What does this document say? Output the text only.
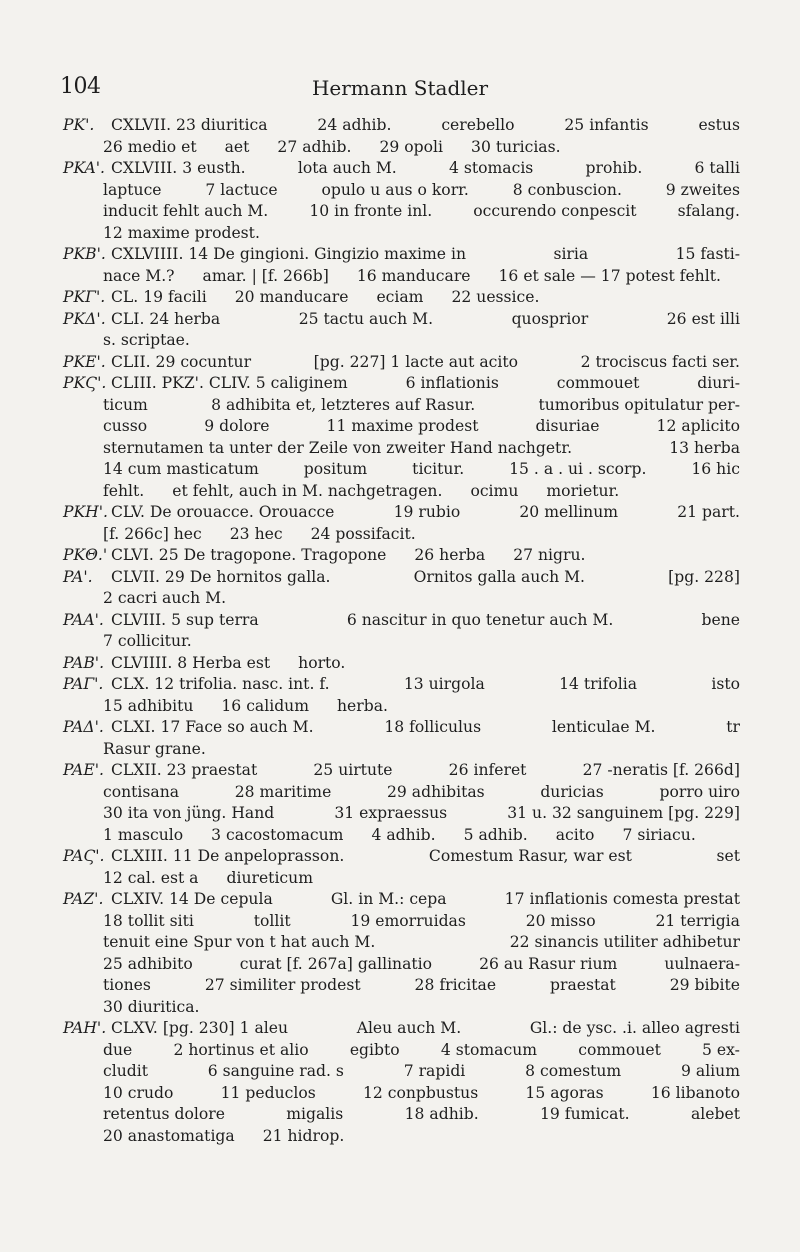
104	Hermann Stadler
PK'. CXLVII. 23 diuritica	24 adhib.	cerebello	25 infantis	estus
26 medio et aet 27 adhib. 29 opoli 30 turicias.
PKA'. CXLVIII. 3 eusth.	lota auch M.	4 stomacis	prohib.	6 talli
laptuce	7 lactuce	opulo u aus o korr.	8 conbuscion.	9 zweites
inducit fehlt auch M.	10 in fronte inl.	occurendo conpescit	sfalang.
12 maxime prodest.
PKB'. CXLVIIII. 14 De gingioni. Gingizio maxime in	siria	15 fasti-
nace M.? amar. | [f. 266b] 16 manducare 16 et sale — 17 potest fehlt.
PKΓ'. CL. 19 facili 20 manducare eciam 22 uessice.
PKΔ'. CLI. 24 herba	25 tactu auch M.	quosprior	26 est illi
s. scriptae.
PKE'. CLII. 29 cocuntur	[pg. 227] 1 lacte aut acito	2 trociscus facti ser.
PKϚ'. CLIII. PKZ'. CLIV. 5 caliginem	6 inflationis	commouet	diuri-
ticum	8 adhibita et, letzteres auf Rasur.	tumoribus opitulatur per-
cusso	9 dolore	11 maxime prodest	disuriae	12 aplicito
sternutamen ta unter der Zeile von zweiter Hand nachgetr.	13 herba
14 cum masticatum	positum	ticitur.	15 . a . ui . scorp.	16 hic
fehlt. et fehlt, auch in M. nachgetragen. ocimu morietur.
PKH'. CLV. De orouacce. Orouacce	19 rubio	20 mellinum	21 part.
[f. 266c] hec 23 hec 24 possifacit.
PKΘ.' CLVI. 25 De tragopone. Tragopone 26 herba 27 nigru.
PA'. CLVII. 29 De hornitos galla.	Ornitos galla auch M.	[pg. 228]
2 cacri auch M.
PAA'. CLVIII. 5 sup terra	6 nascitur in quo tenetur auch M.	bene
7 collicitur.
PAB'. CLVIIII. 8 Herba est horto.
PAΓ'. CLX. 12 trifolia. nasc. int. f.	13 uirgola	14 trifolia	isto
15 adhibitu 16 calidum herba.
PAΔ'. CLXI. 17 Face so auch M.	18 folliculus	lenticulae M.	tr
Rasur grane.
PAE'. CLXII. 23 praestat	25 uirtute	26 inferet	27 -neratis [f. 266d]
contisana	28 maritime	29 adhibitas	duricias	porro uiro
30 ita von jüng. Hand	31 expraessus	31 u. 32 sanguinem [pg. 229]
1 masculo 3 cacostomacum 4 adhib. 5 adhib. acito 7 siriacu.
PAϚ'. CLXIII. 11 De anpeloprasson.	Comestum Rasur, war est	set
12 cal. est a diureticum
PAZ'. CLXIV. 14 De cepula	Gl. in M.: cepa	17 inflationis comesta prestat
18 tollit siti	tollit	19 emorruidas	20 misso	21 terrigia
tenuit eine Spur von t hat auch M.	22 sinancis utiliter adhibetur
25 adhibito	curat [f. 267a] gallinatio	26 au Rasur rium	uulnaera-
tiones	27 similiter prodest	28 fricitae	praestat	29 bibite
30 diuritica.
PAH'. CLXV. [pg. 230] 1 aleu	Aleu auch M.	Gl.: de ysc. .i. alleo agresti
due	2 hortinus et alio	egibto	4 stomacum	commouet	5 ex-
cludit	6 sanguine rad. s	7 rapidi	8 comestum	9 alium
10 crudo	11 peduclos	12 conpbustus	15 agoras	16 libanoto
retentus dolore	migalis	18 adhib.	19 fumicat.	alebet
20 anastomatiga 21 hidrop.
